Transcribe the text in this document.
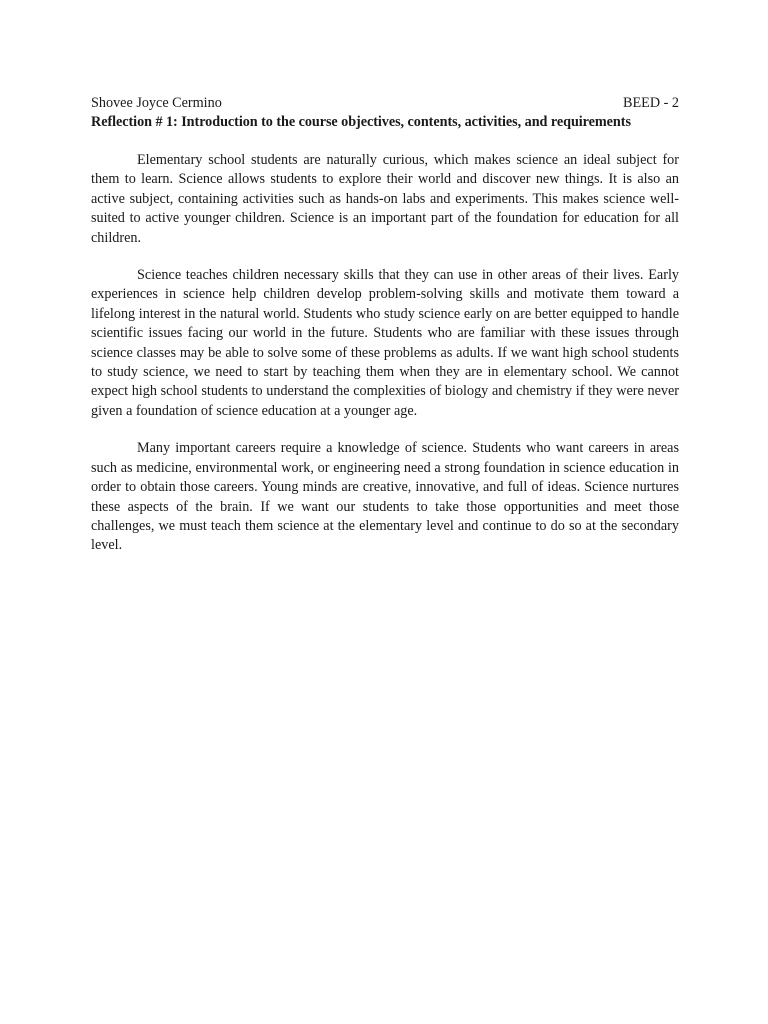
Shovee Joyce Cermino	BEED - 2
Reflection # 1: Introduction to the course objectives, contents, activities, and requirements

Elementary school students are naturally curious, which makes science an ideal subject for them to learn. Science allows students to explore their world and discover new things. It is also an active subject, containing activities such as hands-on labs and experiments. This makes science well-suited to active younger children. Science is an important part of the foundation for education for all children.

Science teaches children necessary skills that they can use in other areas of their lives. Early experiences in science help children develop problem-solving skills and motivate them toward a lifelong interest in the natural world. Students who study science early on are better equipped to handle scientific issues facing our world in the future. Students who are familiar with these issues through science classes may be able to solve some of these problems as adults. If we want high school students to study science, we need to start by teaching them when they are in elementary school. We cannot expect high school students to understand the complexities of biology and chemistry if they were never given a foundation of science education at a younger age.

Many important careers require a knowledge of science. Students who want careers in areas such as medicine, environmental work, or engineering need a strong foundation in science education in order to obtain those careers. Young minds are creative, innovative, and full of ideas. Science nurtures these aspects of the brain. If we want our students to take those opportunities and meet those challenges, we must teach them science at the elementary level and continue to do so at the secondary level.
